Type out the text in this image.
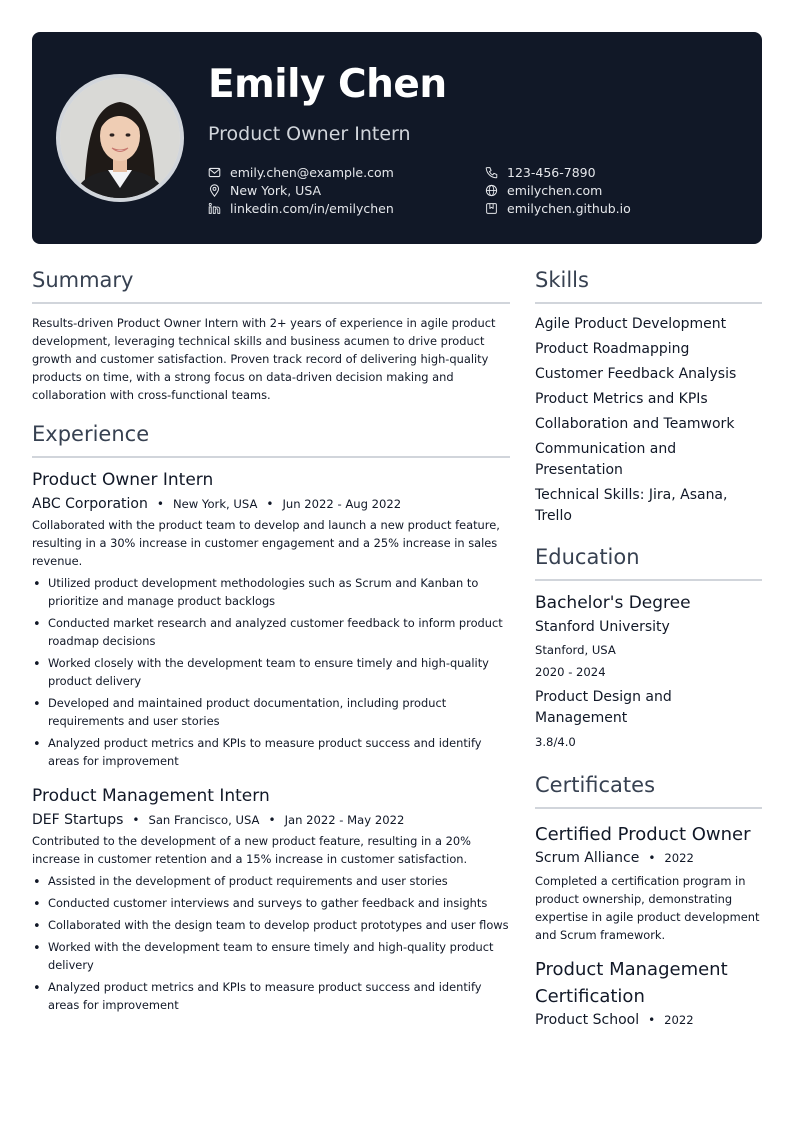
Emily Chen
Product Owner Intern
emily.chen@example.com	123-456-7890
New York, USA	emilychen.com
linkedin.com/in/emilychen	emilychen.github.io
Summary

Results-driven Product Owner Intern with 2+ years of experience in agile product development, leveraging technical skills and business acumen to drive product growth and customer satisfaction. Proven track record of delivering high-quality products on time, with a strong focus on data-driven decision making and collaboration with cross-functional teams.

Experience
Product Owner Intern
ABC Corporation • New York, USA • Jun 2022 - Aug 2022

Collaborated with the product team to develop and launch a new product feature, resulting in a 30% increase in customer engagement and a 25% increase in sales revenue.

• Utilized product development methodologies such as Scrum and Kanban to prioritize and manage product backlogs
• Conducted market research and analyzed customer feedback to inform product roadmap decisions
• Worked closely with the development team to ensure timely and high-quality product delivery
• Developed and maintained product documentation, including product requirements and user stories
• Analyzed product metrics and KPIs to measure product success and identify areas for improvement
Product Management Intern
DEF Startups • San Francisco, USA • Jan 2022 - May 2022

Contributed to the development of a new product feature, resulting in a 20% increase in customer retention and a 15% increase in customer satisfaction.

• Assisted in the development of product requirements and user stories
• Conducted customer interviews and surveys to gather feedback and insights
• Collaborated with the design team to develop product prototypes and user flows
• Worked with the development team to ensure timely and high-quality product delivery
• Analyzed product metrics and KPIs to measure product success and identify areas for improvement
Skills
Agile Product Development
Product Roadmapping
Customer Feedback Analysis
Product Metrics and KPIs
Collaboration and Teamwork
Communication and Presentation
Technical Skills: Jira, Asana, Trello
Education
Bachelor's Degree
Stanford University
Stanford, USA
2020 - 2024
Product Design and Management
3.8/4.0
Certificates
Certified Product Owner
Scrum Alliance • 2022

Completed a certification program in product ownership, demonstrating expertise in agile product development and Scrum framework.

Product Management Certification
Product School • 2022
